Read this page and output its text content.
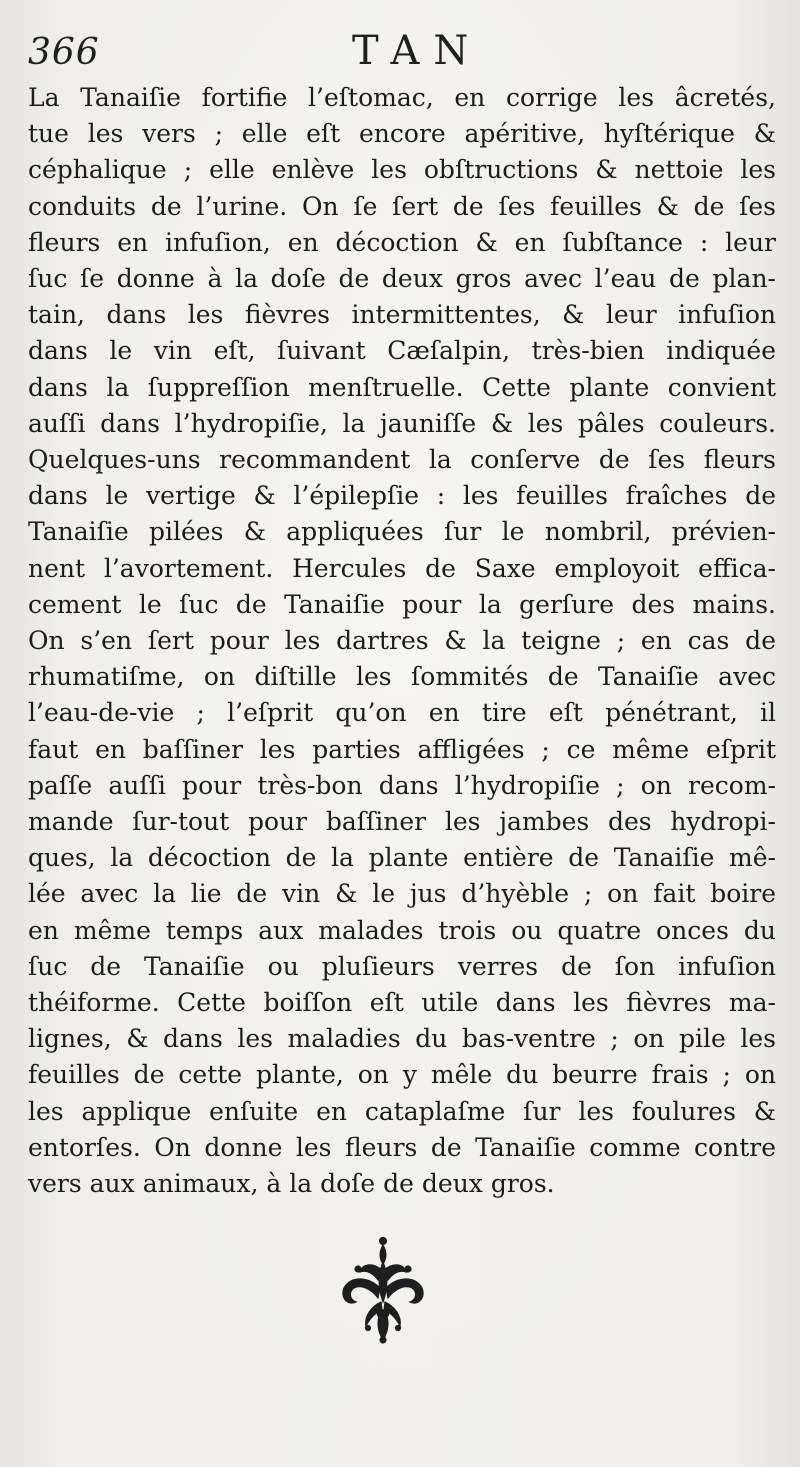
366	TAN
La Tanaiſie fortifie l’eſtomac, en corrige les âcretés,
tue les vers ; elle eſt encore apéritive, hyſtérique &
céphalique ; elle enlève les obſtructions & nettoie les
conduits de l’urine. On ſe ſert de ſes feuilles & de ſes
fleurs en infuſion, en décoction & en ſubſtance : leur
ſuc ſe donne à la doſe de deux gros avec l’eau de plan-
tain, dans les fièvres intermittentes, & leur infuſion
dans le vin eſt, ſuivant Cæſalpin, très-bien indiquée
dans la ſuppreſſion menſtruelle. Cette plante convient
auſſi dans l’hydropiſie, la jauniſſe & les pâles couleurs.
Quelques-uns recommandent la conſerve de ſes fleurs
dans le vertige & l’épilepſie : les feuilles fraîches de
Tanaiſie pilées & appliquées ſur le nombril, prévien-
nent l’avortement. Hercules de Saxe employoit effica-
cement le ſuc de Tanaiſie pour la gerſure des mains.
On s’en ſert pour les dartres & la teigne ; en cas de
rhumatiſme, on diſtille les ſommités de Tanaiſie avec
l’eau-de-vie ; l’eſprit qu’on en tire eſt pénétrant, il
faut en baſſiner les parties affligées ; ce même eſprit
paſſe auſſi pour très-bon dans l’hydropiſie ; on recom-
mande ſur-tout pour baſſiner les jambes des hydropi-
ques, la décoction de la plante entière de Tanaiſie mê-
lée avec la lie de vin & le jus d’hyèble ; on fait boire
en même temps aux malades trois ou quatre onces du
ſuc de Tanaiſie ou pluſieurs verres de ſon infuſion
théiforme. Cette boiſſon eſt utile dans les fièvres ma-
lignes, & dans les maladies du bas-ventre ; on pile les
feuilles de cette plante, on y mêle du beurre frais ; on
les applique enſuite en cataplaſme ſur les foulures &
entorſes. On donne les fleurs de Tanaiſie comme contre
vers aux animaux, à la doſe de deux gros.
